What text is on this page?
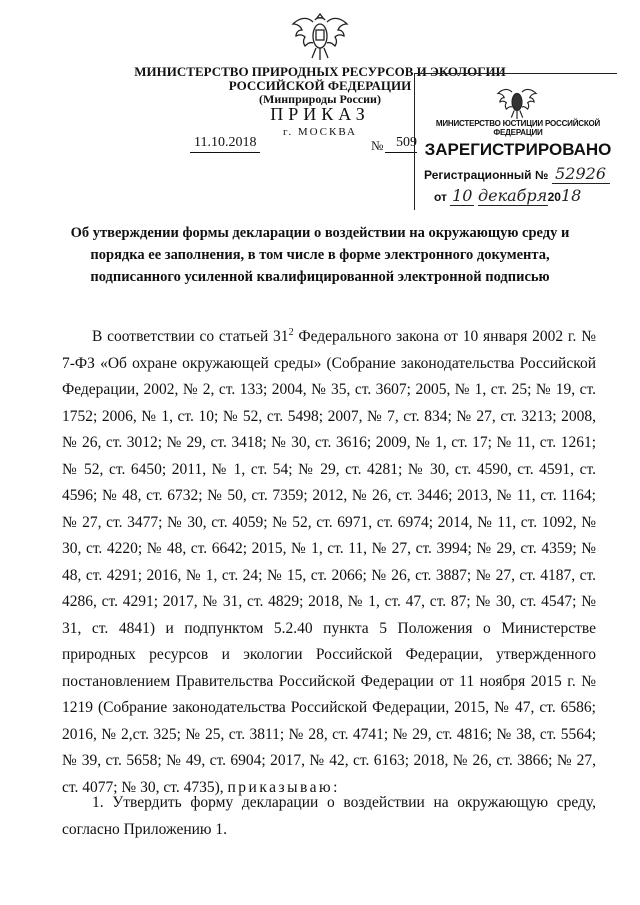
МИНИСТЕРСТВО ПРИРОДНЫХ РЕСУРСОВ И ЭКОЛОГИИ
РОССИЙСКОЙ ФЕДЕРАЦИИ
(Минприроды России)
ПРИКАЗ
г. МОСКВА
11.10.2018	№ 509
МИНИСТЕРСТВО ЮСТИЦИИ РОССИЙСКОЙ ФЕДЕРАЦИИ
ЗАРЕГИСТРИРОВАНО
Регистрационный № 52926
от 10 декабря2018
Об утверждении формы декларации о воздействии на окружающую среду и
порядка ее заполнения, в том числе в форме электронного документа,
подписанного усиленной квалифицированной электронной подписью

В соответствии со статьей $31^2$ Федерального закона от 10 января 2002 г. № 7-ФЗ «Об охране окружающей среды» (Собрание законодательства Российской Федерации, 2002, № 2, ст. 133; 2004, № 35, ст. 3607; 2005, № 1, ст. 25; № 19, ст. 1752; 2006, № 1, ст. 10; № 52, ст. 5498; 2007, № 7, ст. 834; № 27, ст. 3213; 2008, № 26, ст. 3012; № 29, ст. 3418; № 30, ст. 3616; 2009, № 1, ст. 17; № 11, ст. 1261; № 52, ст. 6450; 2011, № 1, ст. 54; № 29, ст. 4281; № 30, ст. 4590, ст. 4591, ст. 4596; № 48, ст. 6732; № 50, ст. 7359; 2012, № 26, ст. 3446; 2013, № 11, ст. 1164; № 27, ст. 3477; № 30, ст. 4059; № 52, ст. 6971, ст. 6974; 2014, № 11, ст. 1092, № 30, ст. 4220; № 48, ст. 6642; 2015, № 1, ст. 11, № 27, ст. 3994; № 29, ст. 4359; № 48, ст. 4291; 2016, № 1, ст. 24; № 15, ст. 2066; № 26, ст. 3887; № 27, ст. 4187, ст. 4286, ст. 4291; 2017, № 31, ст. 4829; 2018, № 1, ст. 47, ст. 87; № 30, ст. 4547; № 31, ст. 4841) и подпунктом 5.2.40 пункта 5 Положения о Министерстве природных ресурсов и экологии Российской Федерации, утвержденного постановлением Правительства Российской Федерации от 11 ноября 2015 г. № 1219 (Собрание законодательства Российской Федерации, 2015, № 47, ст. 6586; 2016, № 2,ст. 325; № 25, ст. 3811; № 28, ст. 4741; № 29, ст. 4816; № 38, ст. 5564; № 39, ст. 5658; № 49, ст. 6904; 2017, № 42, ст. 6163; 2018, № 26, ст. 3866; № 27, ст. 4077; № 30, ст. 4735), приказываю:

1. Утвердить форму декларации о воздействии на окружающую среду, согласно Приложению 1.
